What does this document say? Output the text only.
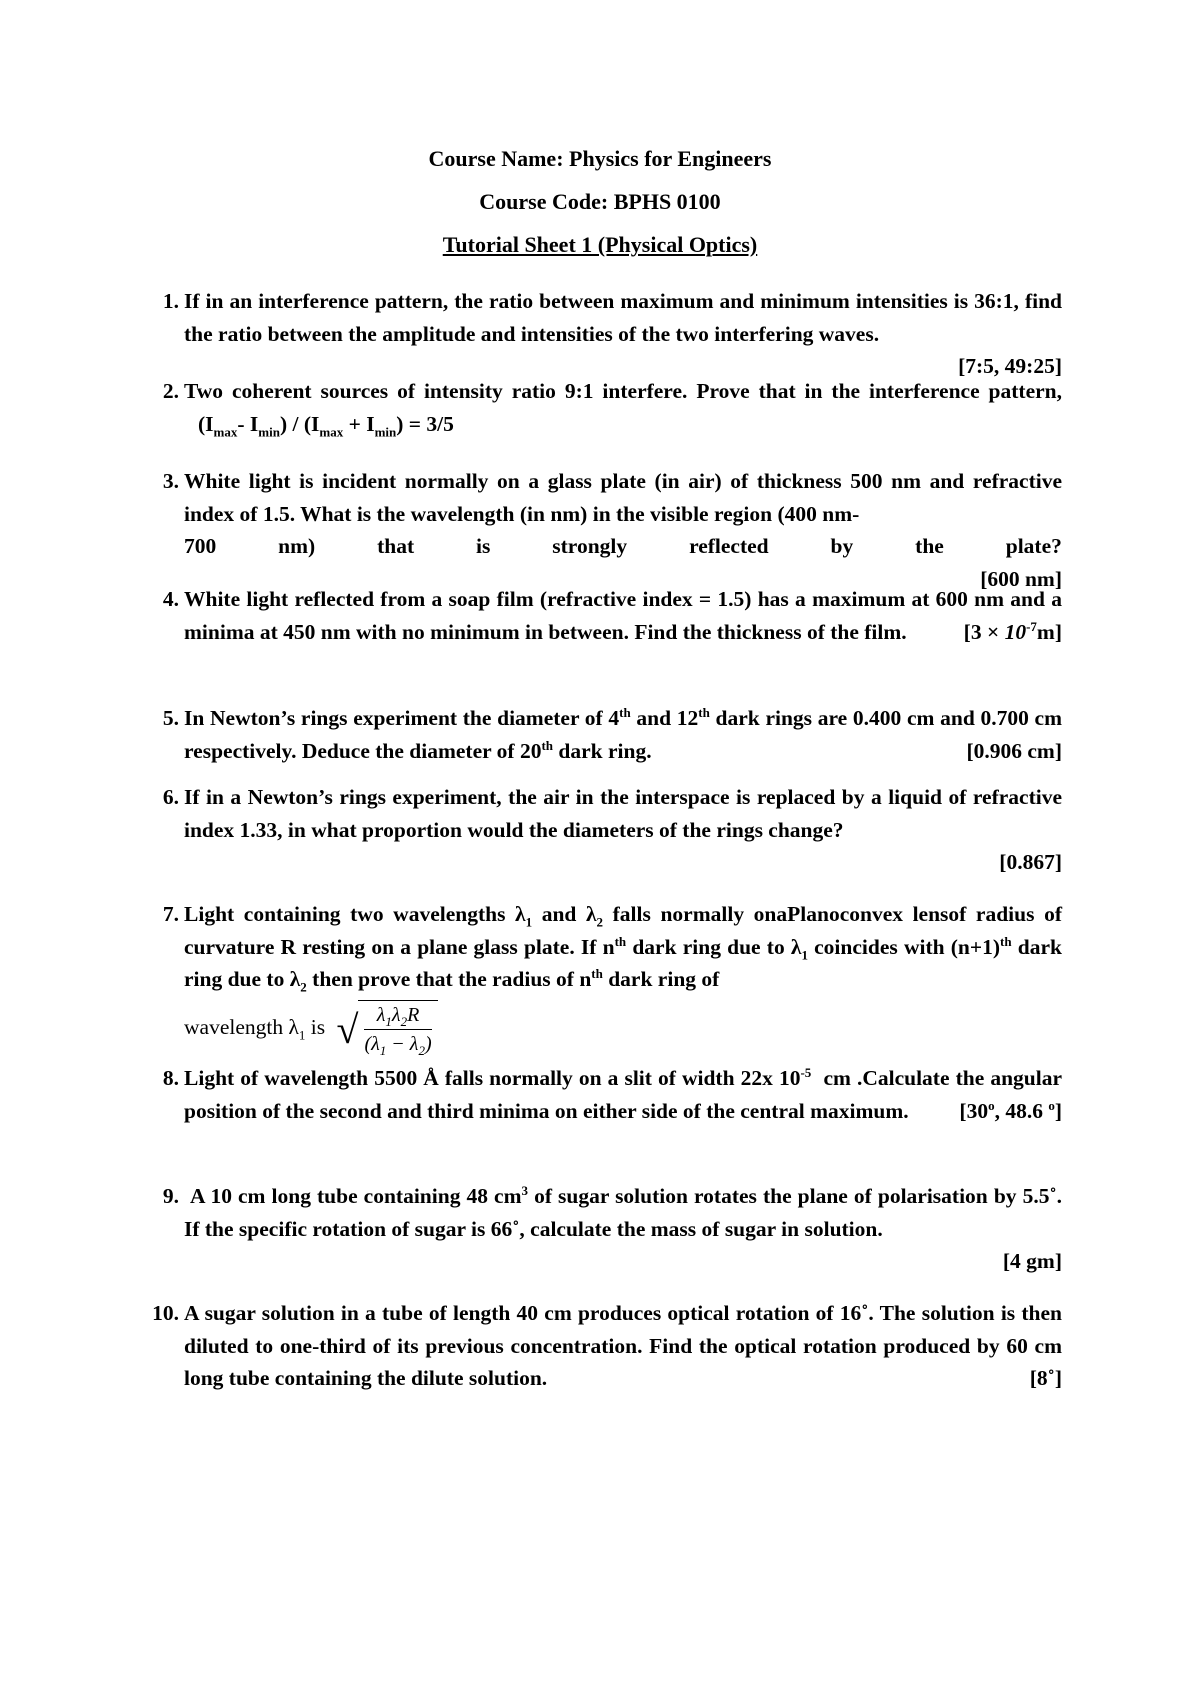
Course Name: Physics for Engineers
Course Code: BPHS 0100
Tutorial Sheet 1 (Physical Optics)
1. If in an interference pattern, the ratio between maximum and minimum intensities is 36:1, find the ratio between the amplitude and intensities of the two interfering waves.
[7:5, 49:25]
2. Two coherent sources of intensity ratio 9:1 interfere. Prove that in the interference pattern, ($I_{max}-$ $I_{min}) / (I_{max} + I_{min}) = 3/5$
3. White light is incident normally on a glass plate (in air) of thickness 500 nm and refractive index of 1.5. What is the wavelength (in nm) in the visible region (400 nm-
700	nm)	that	is	strongly	reflected	by	the	plate?
[600 nm]
4. White light reflected from a soap film (refractive index = 1.5) has a maximum at 600 nm and a minima at 450 nm with no minimum in between. Find the thickness of the film.	$[3 \times 10^{-7}m]$
5. In Newton’s rings experiment the diameter of 4th and 12th dark rings are 0.400 cm and 0.700 cm respectively. Deduce the diameter of 20th dark ring.	[0.906 cm]
6. If in a Newton’s rings experiment, the air in the interspace is replaced by a liquid of refractive index 1.33, in what proportion would the diameters of the rings change?
[0.867]
7. Light containing two wavelengths $\lambda_1$ and $\lambda_2$ falls normally onaPlanoconvex lensof radius of curvature R resting on a plane glass plate. If $n^{th}$ dark ring due to $\lambda_1$ coincides with $(n+1)^{th}$ dark ring due to $\lambda_2$ then prove that the radius of $n^{th}$ dark ring of
wavelength $\lambda_1$ is √ $\frac{\lambda_1\lambda_2R}{(\lambda_1 - \lambda_2)}$
8. Light of wavelength 5500 Å falls normally on a slit of width 22x $10^{-5}$  cm .Calculate the angular position of the second and third minima on either side of the central maximum. [30$^o$, 48.6 $^o$]
9. A 10 cm long tube containing 48 $cm^3$ of sugar solution rotates the plane of polarisation by 5.5˚. If the specific rotation of sugar is 66˚, calculate the mass of sugar in solution.
[4 gm]
10. A sugar solution in a tube of length 40 cm produces optical rotation of 16˚. The solution is then diluted to one-third of its previous concentration. Find the optical rotation produced by 60 cm long tube containing the dilute solution.	[8˚]
